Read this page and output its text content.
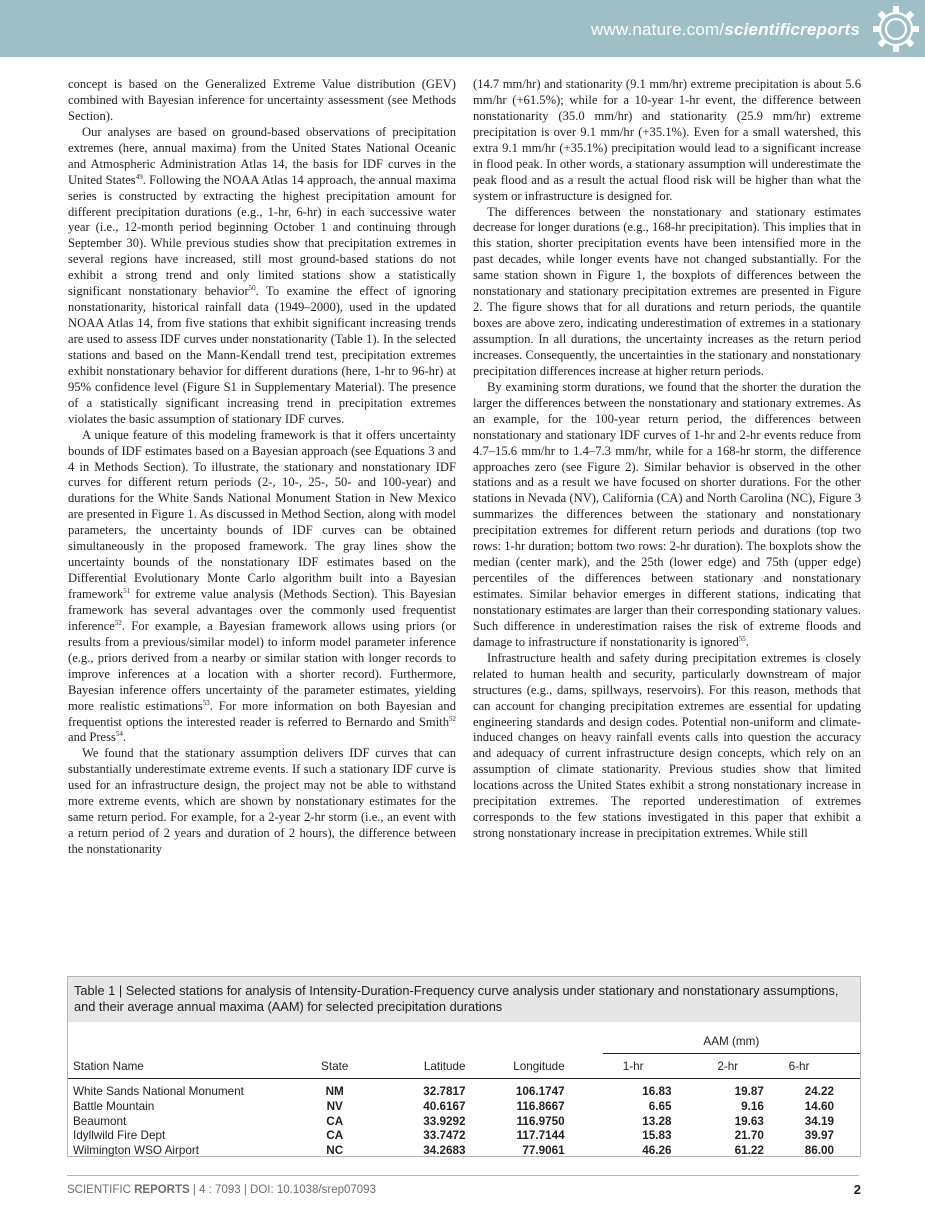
www.nature.com/scientificreports

concept is based on the Generalized Extreme Value distribution (GEV) combined with Bayesian inference for uncertainty assessment (see Methods Section).

Our analyses are based on ground-based observations of precipitation extremes (here, annual maxima) from the United States National Oceanic and Atmospheric Administration Atlas 14, the basis for IDF curves in the United States$^{49}$. Following the NOAA Atlas 14 approach, the annual maxima series is constructed by extracting the highest precipitation amount for different precipitation durations (e.g., 1-hr, 6-hr) in each successive water year (i.e., 12-month period beginning October 1 and continuing through September 30). While previous studies show that precipitation extremes in several regions have increased, still most ground-based stations do not exhibit a strong trend and only limited stations show a statistically significant nonstationary behavior$^{50}$. To examine the effect of ignoring nonstationarity, historical rainfall data (1949–2000), used in the updated NOAA Atlas 14, from five stations that exhibit significant increasing trends are used to assess IDF curves under nonstationarity (Table 1). In the selected stations and based on the Mann-Kendall trend test, precipitation extremes exhibit nonstationary behavior for different durations (here, 1-hr to 96-hr) at 95% confidence level (Figure S1 in Supplementary Material). The presence of a statistically significant increasing trend in precipitation extremes violates the basic assumption of stationary IDF curves.

A unique feature of this modeling framework is that it offers uncertainty bounds of IDF estimates based on a Bayesian approach (see Equations 3 and 4 in Methods Section). To illustrate, the stationary and nonstationary IDF curves for different return periods (2-, 10-, 25-, 50- and 100-year) and durations for the White Sands National Monument Station in New Mexico are presented in Figure 1. As discussed in Method Section, along with model parameters, the uncertainty bounds of IDF curves can be obtained simultaneously in the proposed framework. The gray lines show the uncertainty bounds of the nonstationary IDF estimates based on the Differential Evolutionary Monte Carlo algorithm built into a Bayesian framework$^{51}$ for extreme value analysis (Methods Section). This Bayesian framework has several advantages over the commonly used frequentist inference$^{52}$. For example, a Bayesian framework allows using priors (or results from a previous/similar model) to inform model parameter inference (e.g., priors derived from a nearby or similar station with longer records to improve inferences at a location with a shorter record). Furthermore, Bayesian inference offers uncertainty of the parameter estimates, yielding more realistic estimations$^{53}$. For more information on both Bayesian and frequentist options the interested reader is referred to Bernardo and Smith$^{52}$ and Press$^{54}$.

We found that the stationary assumption delivers IDF curves that can substantially underestimate extreme events. If such a stationary IDF curve is used for an infrastructure design, the project may not be able to withstand more extreme events, which are shown by nonstationary estimates for the same return period. For example, for a 2-year 2-hr storm (i.e., an event with a return period of 2 years and duration of 2 hours), the difference between the nonstationarity

(14.7 mm/hr) and stationarity (9.1 mm/hr) extreme precipitation is about 5.6 mm/hr (+61.5%); while for a 10-year 1-hr event, the difference between nonstationarity (35.0 mm/hr) and stationarity (25.9 mm/hr) extreme precipitation is over 9.1 mm/hr (+35.1%). Even for a small watershed, this extra 9.1 mm/hr (+35.1%) precipitation would lead to a significant increase in flood peak. In other words, a stationary assumption will underestimate the peak flood and as a result the actual flood risk will be higher than what the system or infrastructure is designed for.

The differences between the nonstationary and stationary estimates decrease for longer durations (e.g., 168-hr precipitation). This implies that in this station, shorter precipitation events have been intensified more in the past decades, while longer events have not changed substantially. For the same station shown in Figure 1, the boxplots of differences between the nonstationary and stationary precipitation extremes are presented in Figure 2. The figure shows that for all durations and return periods, the quantile boxes are above zero, indicating underestimation of extremes in a stationary assumption. In all durations, the uncertainty increases as the return period increases. Consequently, the uncertainties in the stationary and nonstationary precipitation differences increase at higher return periods.

By examining storm durations, we found that the shorter the duration the larger the differences between the nonstationary and stationary extremes. As an example, for the 100-year return period, the differences between nonstationary and stationary IDF curves of 1-hr and 2-hr events reduce from 4.7–15.6 mm/hr to 1.4–7.3 mm/hr, while for a 168-hr storm, the difference approaches zero (see Figure 2). Similar behavior is observed in the other stations and as a result we have focused on shorter durations. For the other stations in Nevada (NV), California (CA) and North Carolina (NC), Figure 3 summarizes the differences between the stationary and nonstationary precipitation extremes for different return periods and durations (top two rows: 1-hr duration; bottom two rows: 2-hr duration). The boxplots show the median (center mark), and the 25th (lower edge) and 75th (upper edge) percentiles of the differences between stationary and nonstationary estimates. Similar behavior emerges in different stations, indicating that nonstationary estimates are larger than their corresponding stationary values. Such difference in underestimation raises the risk of extreme floods and damage to infrastructure if nonstationarity is ignored$^{55}$.

Infrastructure health and safety during precipitation extremes is closely related to human health and security, particularly downstream of major structures (e.g., dams, spillways, reservoirs). For this reason, methods that can account for changing precipitation extremes are essential for updating engineering standards and design codes. Potential non-uniform and climate-induced changes on heavy rainfall events calls into question the accuracy and adequacy of current infrastructure design concepts, which rely on an assumption of climate stationarity. Previous studies show that limited locations across the United States exhibit a strong nonstationary increase in precipitation extremes. The reported underestimation of extremes corresponds to the few stations investigated in this paper that exhibit a strong nonstationary increase in precipitation extremes. While still

Table 1 | Selected stations for analysis of Intensity-Duration-Frequency curve analysis under stationary and nonstationary assumptions, and their average annual maxima (AAM) for selected precipitation durations

				AAM (mm)		

Station Name	State	Latitude	Longitude	1-hr	2-hr	6-hr
White Sands National Monument	NM	32.7817	106.1747	16.83	19.87	24.22
Battle Mountain	NV	40.6167	116.8667	6.65	9.16	14.60
Beaumont	CA	33.9292	116.9750	13.28	19.63	34.19
Idyllwild Fire Dept	CA	33.7472	117.7144	15.83	21.70	39.97
Wilmington WSO Airport	NC	34.2683	77.9061	46.26	61.22	86.00
SCIENTIFIC REPORTS | 4 : 7093 | DOI: 10.1038/srep07093	2
